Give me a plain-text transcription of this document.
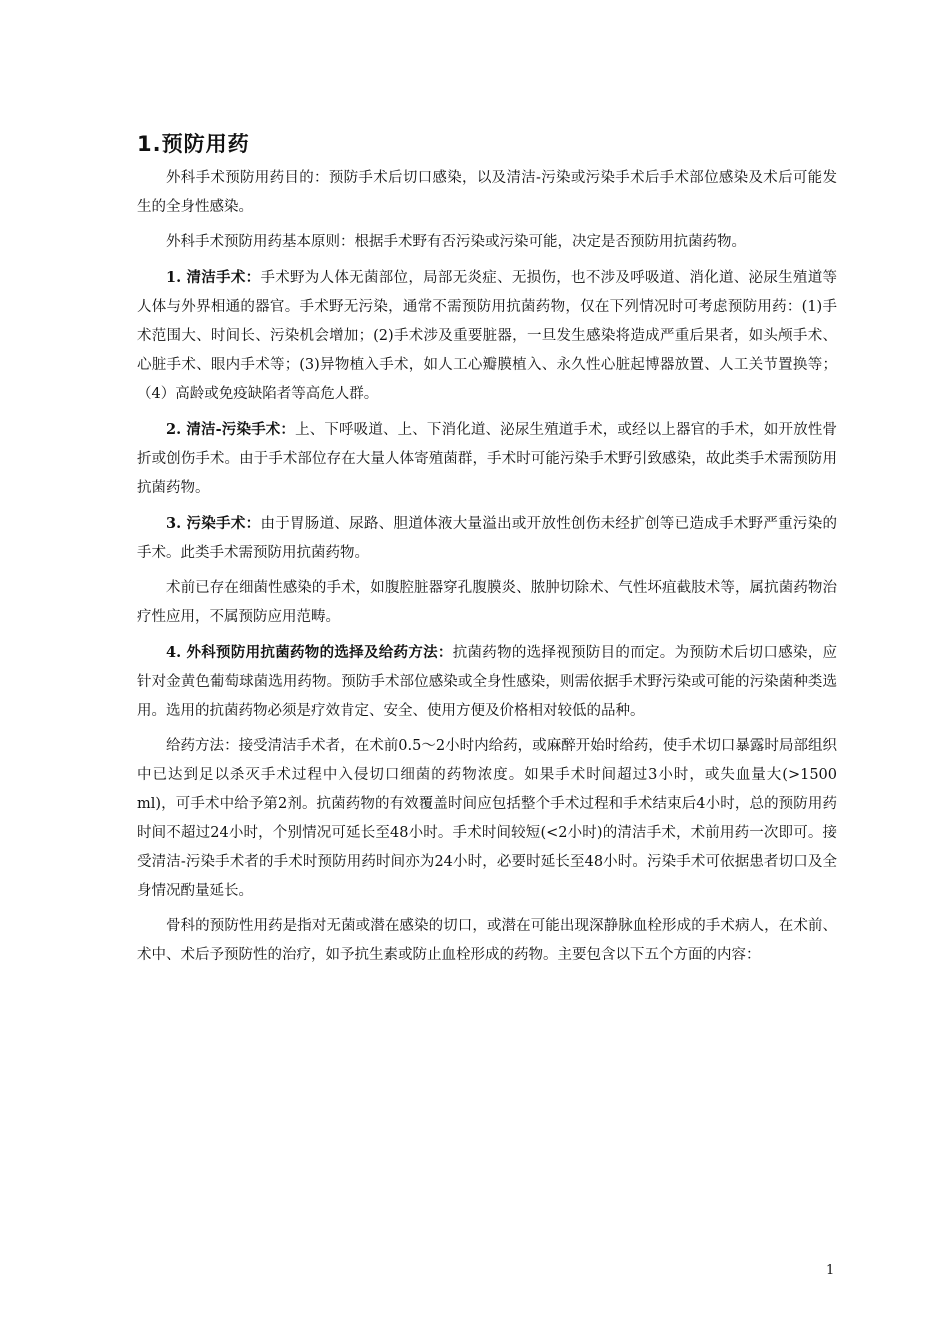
1.预防用药

外科手术预防用药目的：预防手术后切口感染，以及清洁-污染或污染手术后手术部位感染及术后可能发生的全身性感染。

外科手术预防用药基本原则：根据手术野有否污染或污染可能，决定是否预防用抗菌药物。

1. 清洁手术：手术野为人体无菌部位，局部无炎症、无损伤，也不涉及呼吸道、消化道、泌尿生殖道等人体与外界相通的器官。手术野无污染，通常不需预防用抗菌药物，仅在下列情况时可考虑预防用药：(1)手术范围大、时间长、污染机会增加；(2)手术涉及重要脏器，一旦发生感染将造成严重后果者，如头颅手术、心脏手术、眼内手术等；(3)异物植入手术，如人工心瓣膜植入、永久性心脏起博器放置、人工关节置换等；（4）高龄或免疫缺陷者等高危人群。

2. 清洁-污染手术：上、下呼吸道、上、下消化道、泌尿生殖道手术，或经以上器官的手术，如开放性骨折或创伤手术。由于手术部位存在大量人体寄殖菌群，手术时可能污染手术野引致感染，故此类手术需预防用抗菌药物。

3. 污染手术：由于胃肠道、尿路、胆道体液大量溢出或开放性创伤未经扩创等已造成手术野严重污染的手术。此类手术需预防用抗菌药物。

术前已存在细菌性感染的手术，如腹腔脏器穿孔腹膜炎、脓肿切除术、气性坏疽截肢术等，属抗菌药物治疗性应用，不属预防应用范畴。

4. 外科预防用抗菌药物的选择及给药方法：抗菌药物的选择视预防目的而定。为预防术后切口感染，应针对金黄色葡萄球菌选用药物。预防手术部位感染或全身性感染，则需依据手术野污染或可能的污染菌种类选用。选用的抗菌药物必须是疗效肯定、安全、使用方便及价格相对较低的品种。

给药方法：接受清洁手术者，在术前0.5～2小时内给药，或麻醉开始时给药，使手术切口暴露时局部组织中已达到足以杀灭手术过程中入侵切口细菌的药物浓度。如果手术时间超过3小时，或失血量大(>1500 ml)，可手术中给予第2剂。抗菌药物的有效覆盖时间应包括整个手术过程和手术结束后4小时，总的预防用药时间不超过24小时，个别情况可延长至48小时。手术时间较短(<2小时)的清洁手术，术前用药一次即可。接受清洁-污染手术者的手术时预防用药时间亦为24小时，必要时延长至48小时。污染手术可依据患者切口及全身情况酌量延长。

骨科的预防性用药是指对无菌或潜在感染的切口，或潜在可能出现深静脉血栓形成的手术病人，在术前、术中、术后予预防性的治疗，如予抗生素或防止血栓形成的药物。主要包含以下五个方面的内容：

1
